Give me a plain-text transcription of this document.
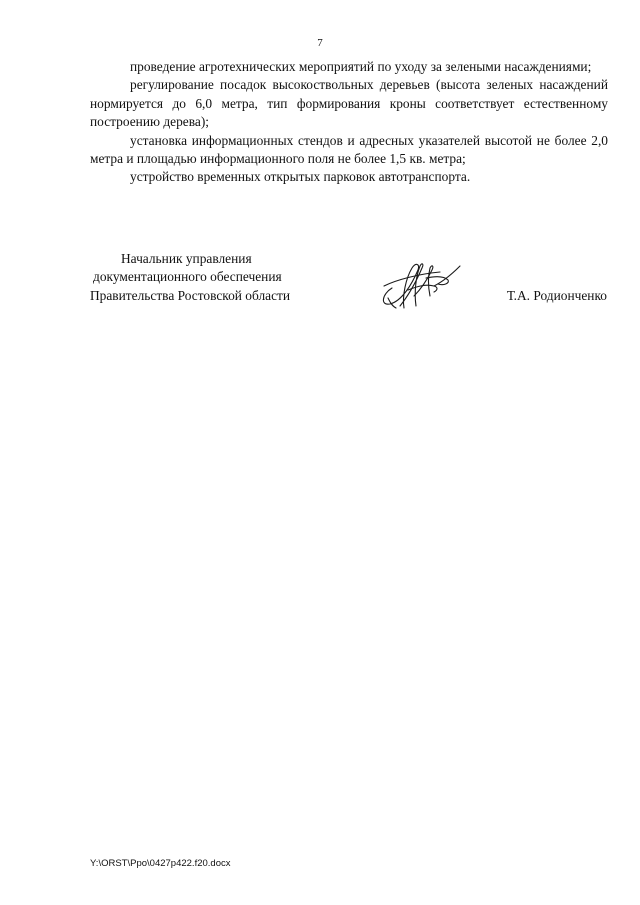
7

проведение агротехнических мероприятий по уходу за зелеными насаждениями;

регулирование посадок высокоствольных деревьев (высота зеленых насаждений нормируется до 6,0 метра, тип формирования кроны соответствует естественному построению дерева);

установка информационных стендов и адресных указателей высотой не более 2,0 метра и площадью информационного поля не более 1,5 кв. метра;

устройство временных открытых парковок автотранспорта.

Начальник управления
документационного обеспечения
Правительства Ростовской области	Т.А. Родионченко
Y:\ORST\Ppo\0427p422.f20.docx
